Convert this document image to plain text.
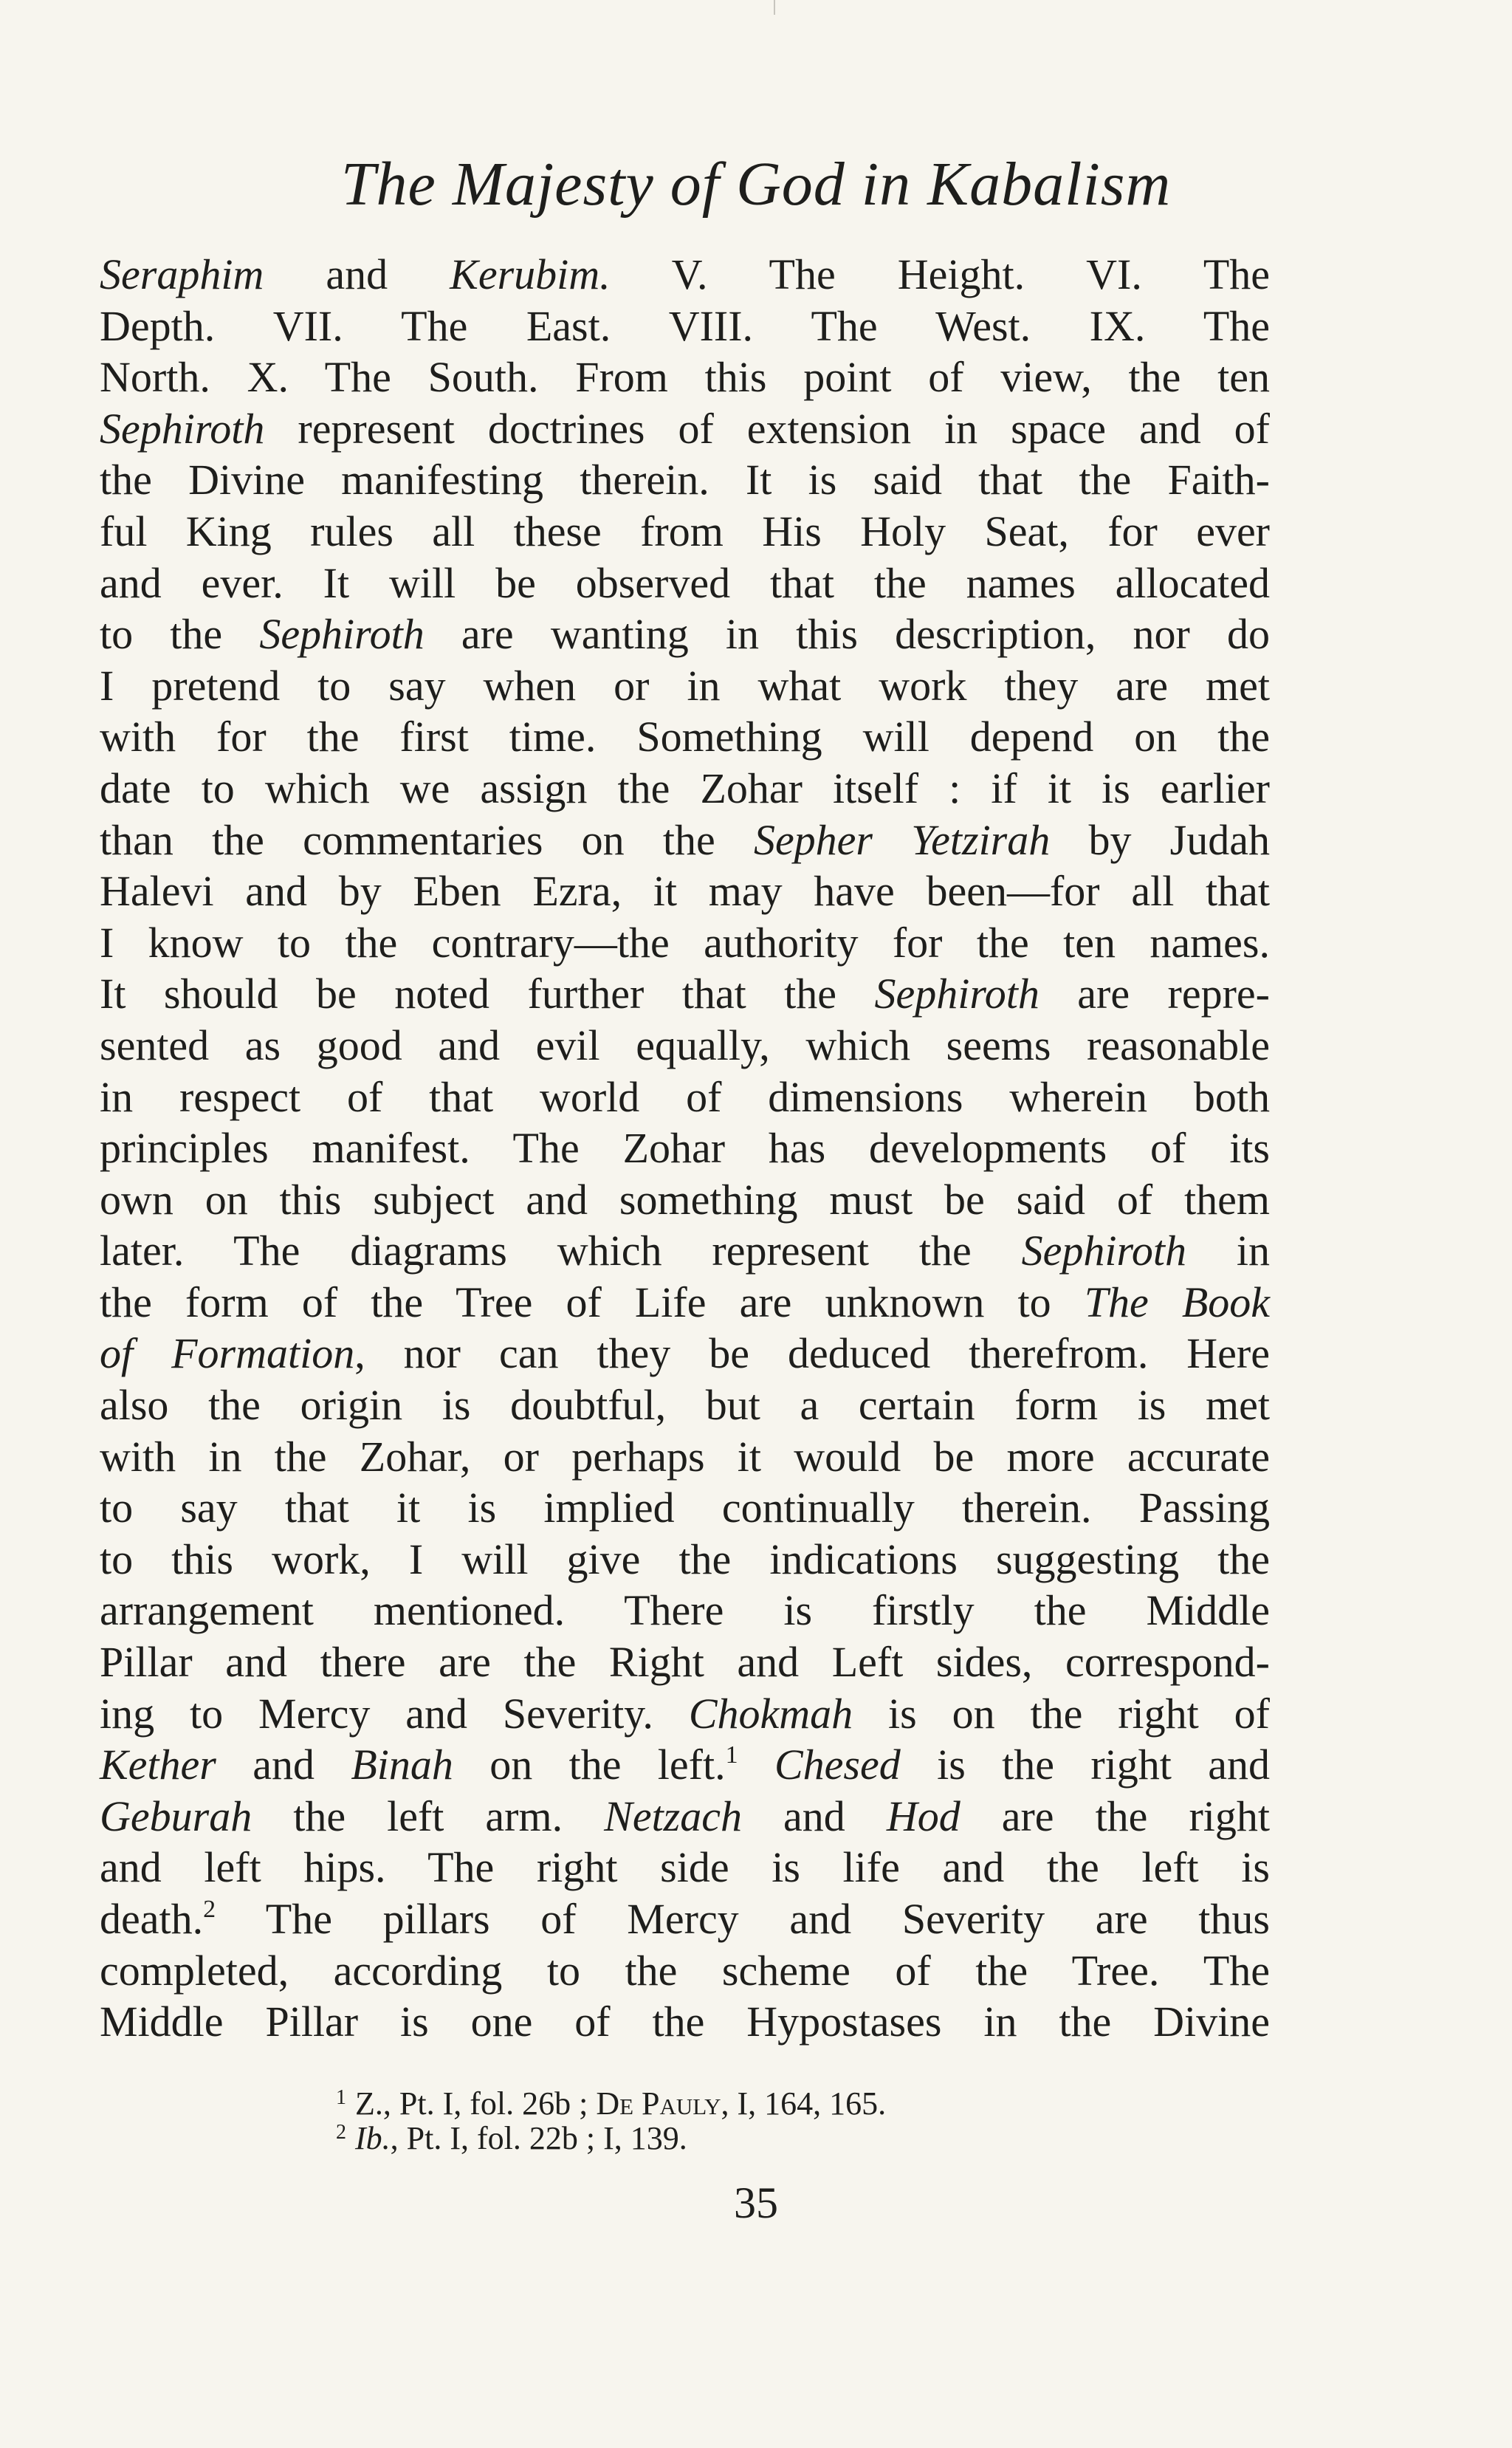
The Majesty of God in Kabalism
Seraphim and Kerubim. V. The Height. VI. The
Depth. VII. The East. VIII. The West. IX. The
North. X. The South. From this point of view, the ten
Sephiroth represent doctrines of extension in space and of
the Divine manifesting therein. It is said that the Faith-
ful King rules all these from His Holy Seat, for ever
and ever. It will be observed that the names allocated
to the Sephiroth are wanting in this description, nor do
I pretend to say when or in what work they are met
with for the first time. Something will depend on the
date to which we assign the Zohar itself : if it is earlier
than the commentaries on the Sepher Yetzirah by Judah
Halevi and by Eben Ezra, it may have been—for all that
I know to the contrary—the authority for the ten names.
It should be noted further that the Sephiroth are repre-
sented as good and evil equally, which seems reasonable
in respect of that world of dimensions wherein both
principles manifest. The Zohar has developments of its
own on this subject and something must be said of them
later. The diagrams which represent the Sephiroth in
the form of the Tree of Life are unknown to The Book
of Formation, nor can they be deduced therefrom. Here
also the origin is doubtful, but a certain form is met
with in the Zohar, or perhaps it would be more accurate
to say that it is implied continually therein. Passing
to this work, I will give the indications suggesting the
arrangement mentioned. There is firstly the Middle
Pillar and there are the Right and Left sides, correspond-
ing to Mercy and Severity. Chokmah is on the right of
Kether and Binah on the left.$^1$ Chesed is the right and
Geburah the left arm. Netzach and Hod are the right
and left hips. The right side is life and the left is
death.$^2$ The pillars of Mercy and Severity are thus
completed, according to the scheme of the Tree. The
Middle Pillar is one of the Hypostases in the Divine
$^1$ Z., Pt. I, fol. 26b ; De Pauly, I, 164, 165.
$^2$ Ib., Pt. I, fol. 22b ; I, 139.
35
